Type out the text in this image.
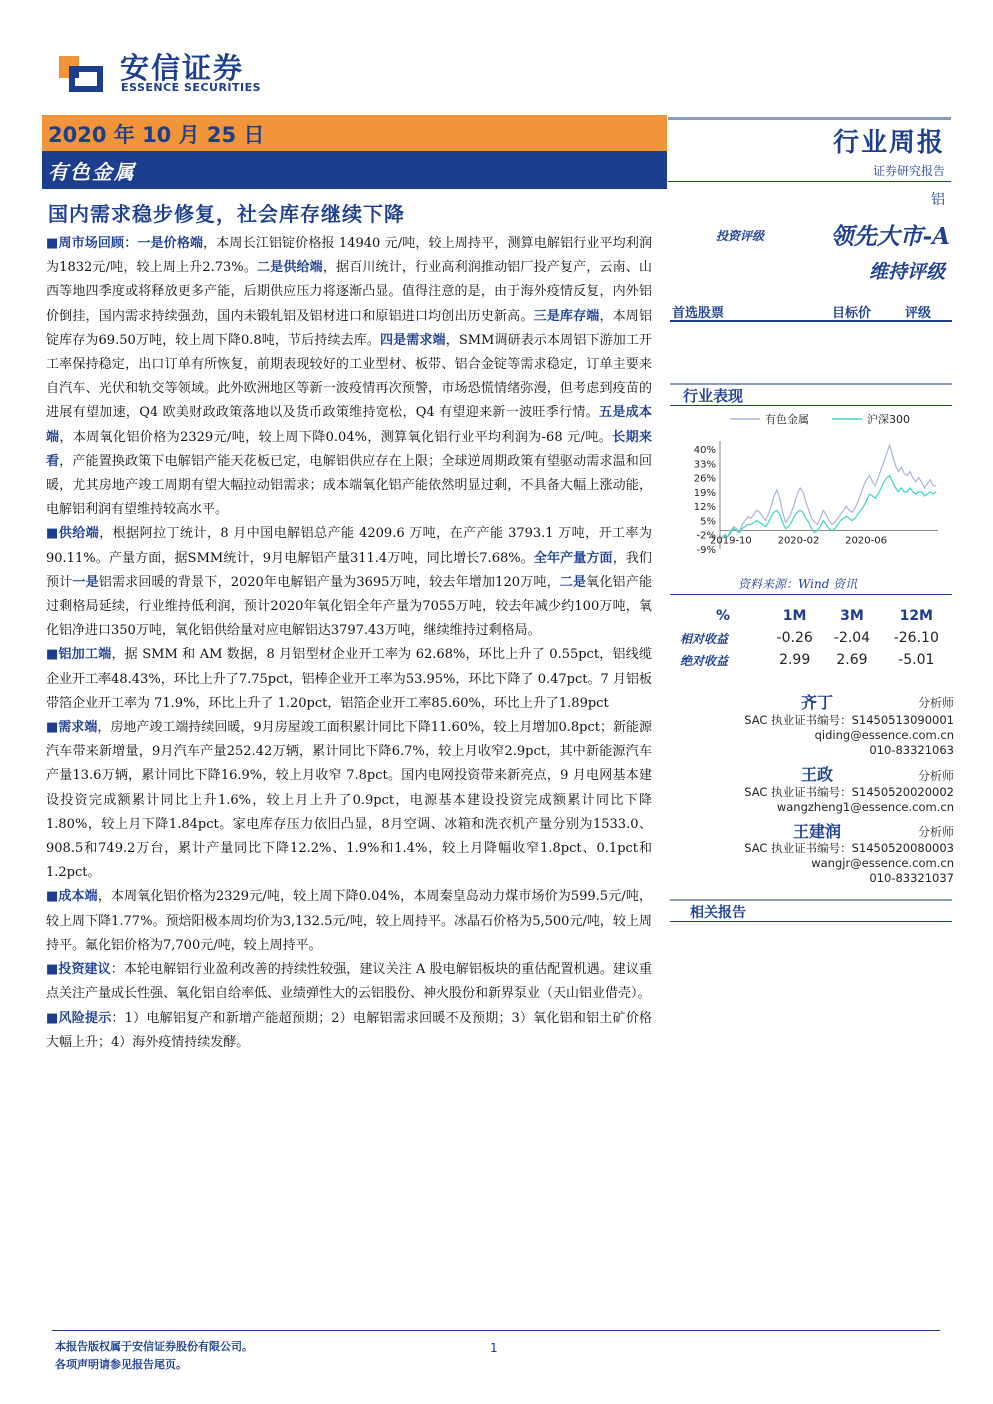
安信证券
ESSENCE SECURITIES
2020 年 10 月 25 日
有色金属
行业周报
证券研究报告
铝
国内需求稳步修复，社会库存继续下降

■周市场回顾：一是价格端，本周长江铝锭价格报 14940 元/吨，较上周持平，测算电解铝行业平均利润为1832元/吨，较上周上升2.73%。二是供给端，据百川统计，行业高利润推动铝厂投产复产，云南、山西等地四季度或将释放更多产能，后期供应压力将逐渐凸显。值得注意的是，由于海外疫情反复，内外铝价倒挂，国内需求持续强劲，国内未锻轧铝及铝材进口和原铝进口均创出历史新高。三是库存端，本周铝锭库存为69.50万吨，较上周下降0.8吨，节后持续去库。四是需求端，SMM调研表示本周铝下游加工开工率保持稳定，出口订单有所恢复，前期表现较好的工业型材、板带、铝合金锭等需求稳定，订单主要来自汽车、光伏和轨交等领域。此外欧洲地区等新一波疫情再次预警，市场恐慌情绪弥漫，但考虑到疫苗的进展有望加速，Q4 欧美财政政策落地以及货币政策维持宽松，Q4 有望迎来新一波旺季行情。五是成本端，本周氧化铝价格为2329元/吨，较上周下降0.04%，测算氧化铝行业平均利润为-68 元/吨。长期来看，产能置换政策下电解铝产能天花板已定，电解铝供应存在上限；全球逆周期政策有望驱动需求温和回暖，尤其房地产竣工周期有望大幅拉动铝需求；成本端氧化铝产能依然明显过剩，不具备大幅上涨动能，电解铝利润有望维持较高水平。

■供给端，根据阿拉丁统计，8 月中国电解铝总产能 4209.6 万吨，在产产能 3793.1 万吨，开工率为90.11%。产量方面，据SMM统计，9月电解铝产量311.4万吨，同比增长7.68%。全年产量方面，我们预计一是铝需求回暖的背景下，2020年电解铝产量为3695万吨，较去年增加120万吨，二是氧化铝产能过剩格局延续，行业维持低利润，预计2020年氧化铝全年产量为7055万吨，较去年减少约100万吨，氧化铝净进口350万吨，氧化铝供给量对应电解铝达3797.43万吨，继续维持过剩格局。

■铝加工端，据 SMM 和 AM 数据，8 月铝型材企业开工率为 62.68%，环比上升了 0.55pct，铝线缆企业开工率48.43%，环比上升了7.75pct，铝棒企业开工率为53.95%，环比下降了 0.47pct。7 月铝板带箔企业开工率为 71.9%，环比上升了 1.20pct，铝箔企业开工率85.60%，环比上升了1.89pct

■需求端，房地产竣工端持续回暖，9月房屋竣工面积累计同比下降11.60%，较上月增加0.8pct；新能源汽车带来新增量，9月汽车产量252.42万辆，累计同比下降6.7%，较上月收窄2.9pct，其中新能源汽车产量13.6万辆，累计同比下降16.9%，较上月收窄 7.8pct。国内电网投资带来新亮点，9 月电网基本建设投资完成额累计同比上升1.6%，较上月上升了0.9pct，电源基本建设投资完成额累计同比下降1.80%，较上月下降1.84pct。家电库存压力依旧凸显，8月空调、冰箱和洗衣机产量分别为1533.0、908.5和749.2万台，累计产量同比下降12.2%、1.9%和1.4%，较上月降幅收窄1.8pct、0.1pct和1.2pct。

■成本端，本周氧化铝价格为2329元/吨，较上周下降0.04%，本周秦皇岛动力煤市场价为599.5元/吨，较上周下降1.77%。预焙阳极本周均价为3,132.5元/吨，较上周持平。冰晶石价格为5,500元/吨，较上周持平。氟化铝价格为7,700元/吨，较上周持平。

■投资建议：本轮电解铝行业盈利改善的持续性较强，建议关注 A 股电解铝板块的重估配置机遇。建议重点关注产量成长性强、氧化铝自给率低、业绩弹性大的云铝股份、神火股份和新界泵业（天山铝业借壳）。

■风险提示：1）电解铝复产和新增产能超预期；2）电解铝需求回暖不及预期；3）氧化铝和铝土矿价格大幅上升；4）海外疫情持续发酵。

投资评级	领先大市-A
维持评级
首选股票	目标价	评级
行业表现
有色金属	沪深300
40%
33%
26%
19%
12%
5%
-2%
-9%
2019-10	2020-02	2020-06
资料来源：Wind 资讯
%	1M	3M	12M
相对收益	-0.26	-2.04	-26.10
绝对收益	2.99	2.69	-5.01
齐丁	分析师
SAC 执业证书编号：S1450513090001
qiding@essence.com.cn
010-83321063
王政	分析师
SAC 执业证书编号：S1450520020002
wangzheng1@essence.com.cn
王建润	分析师
SAC 执业证书编号：S1450520080003
wangjr@essence.com.cn
010-83321037
相关报告
本报告版权属于安信证券股份有限公司。
各项声明请参见报告尾页。
1
